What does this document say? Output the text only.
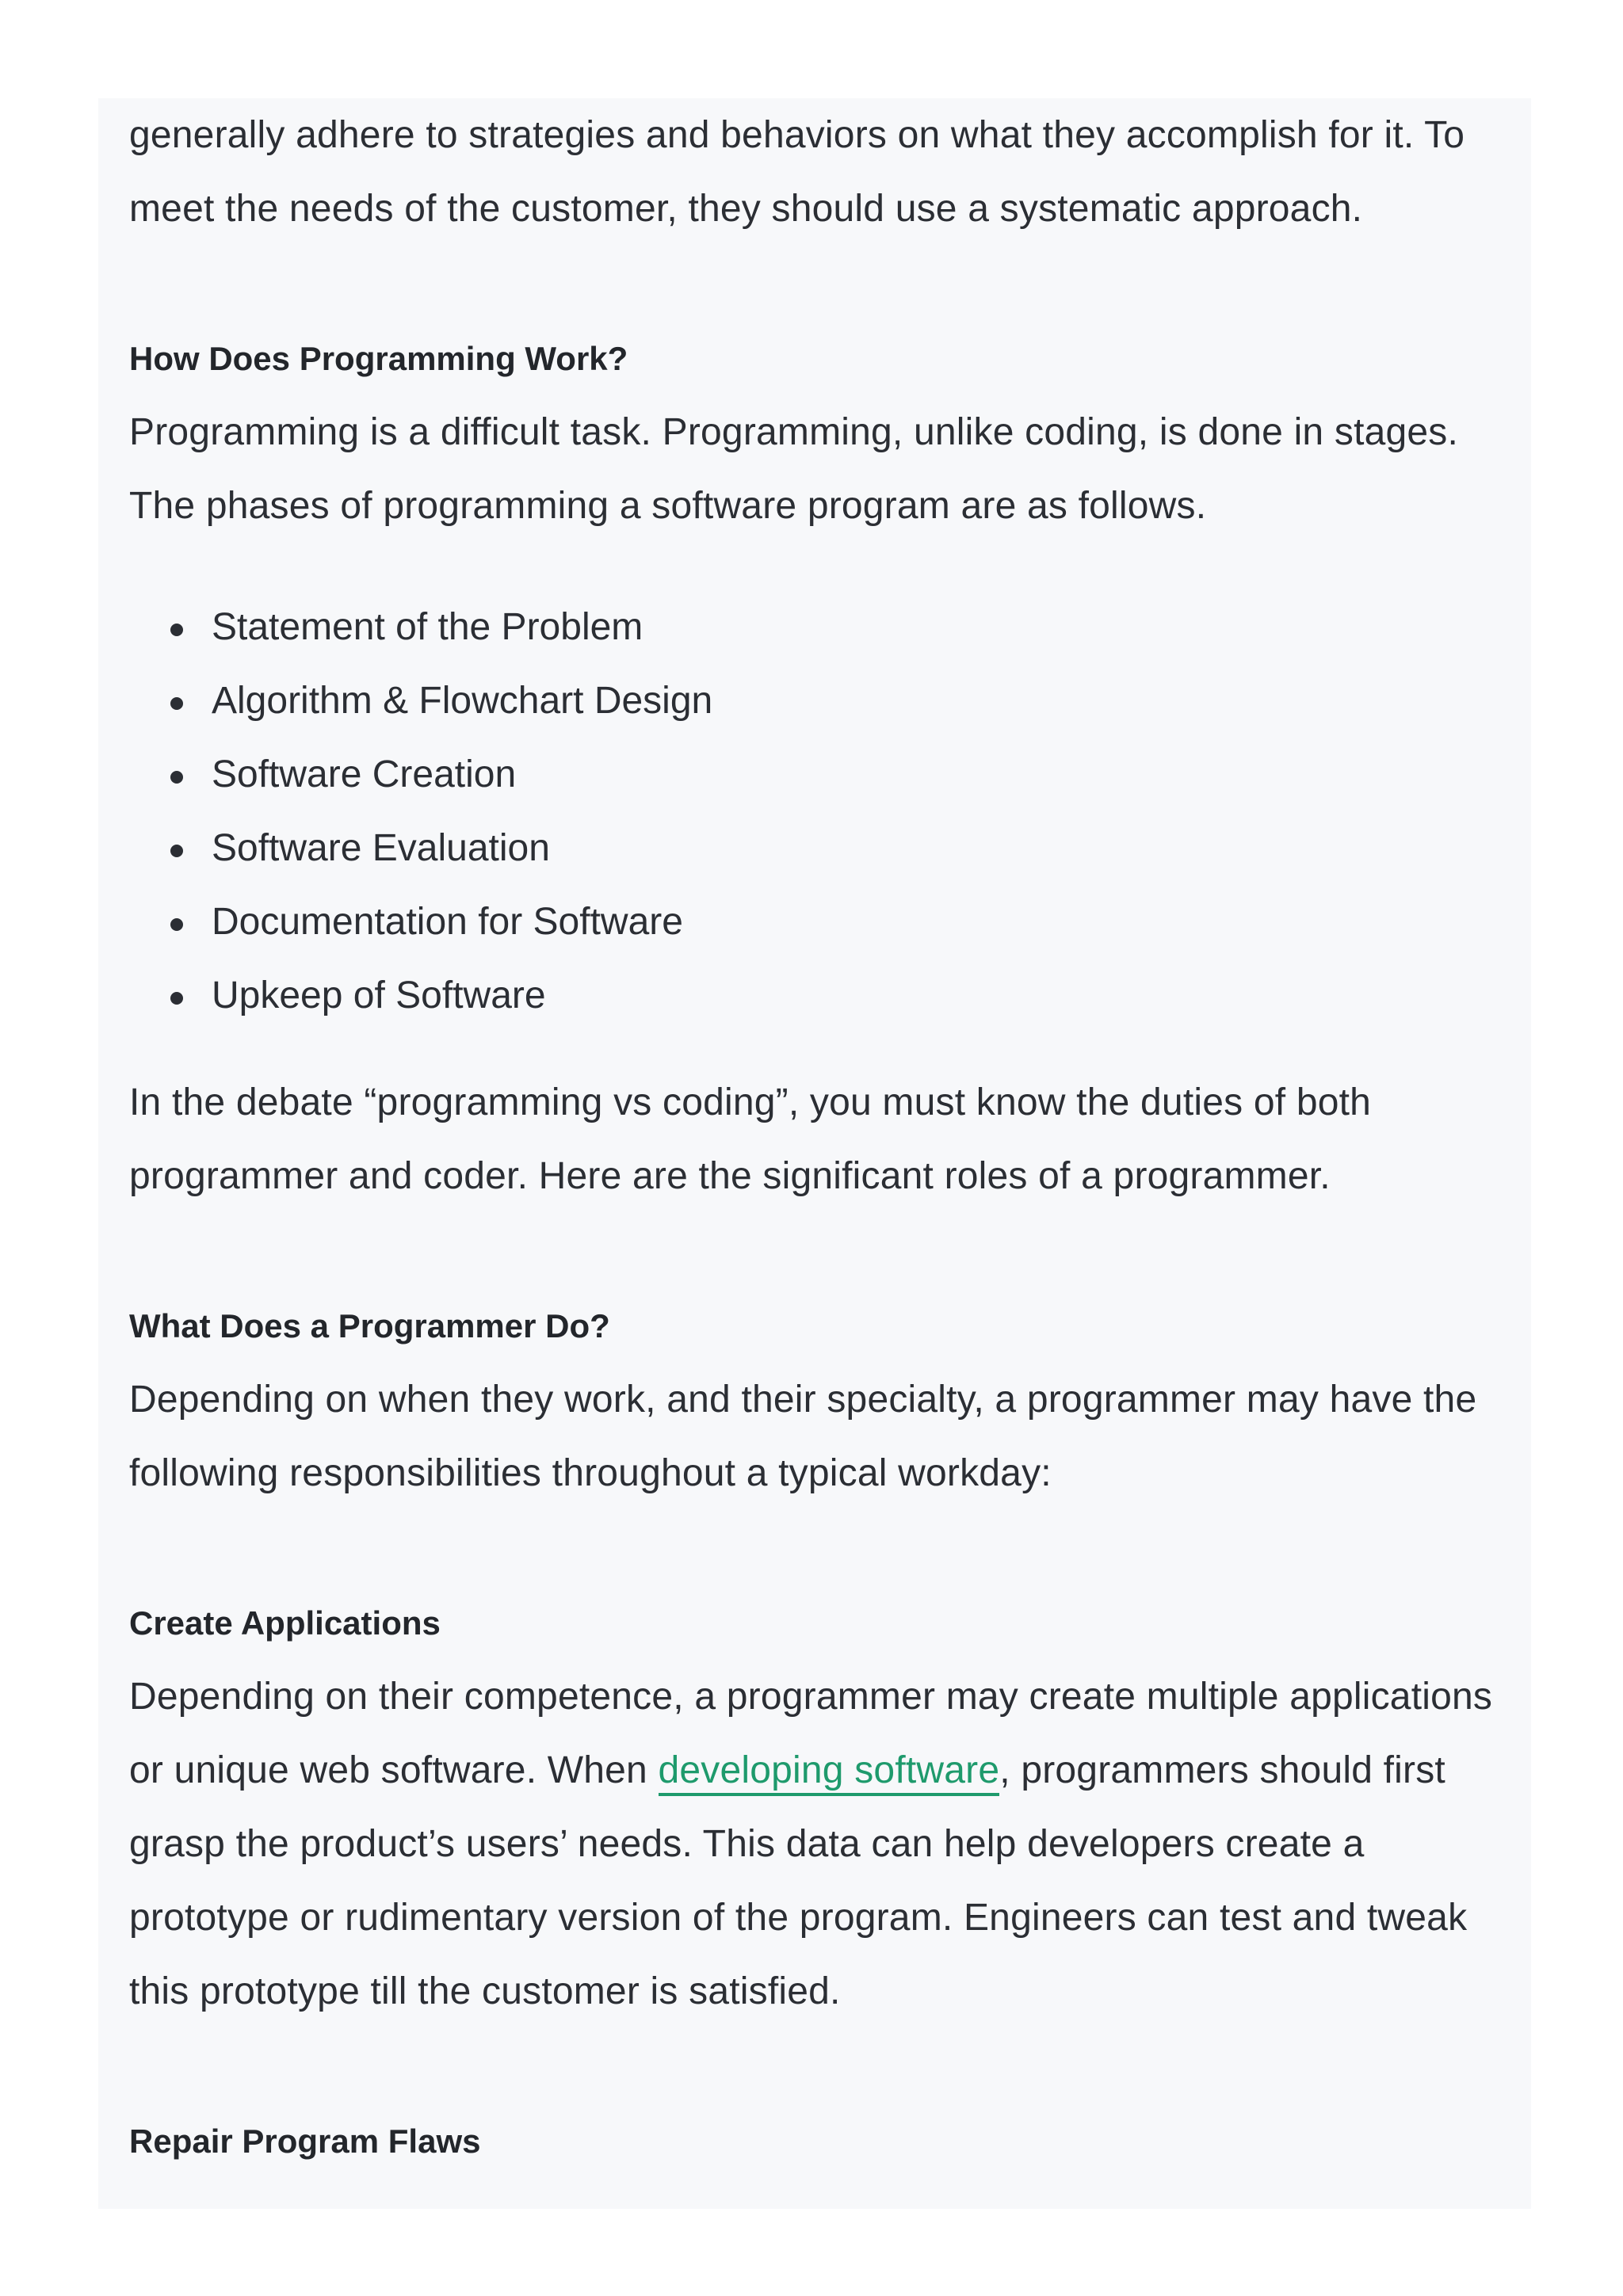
generally adhere to strategies and behaviors on what they accomplish for it. To

meet the needs of the customer, they should use a systematic approach.

How Does Programming Work?

Programming is a difficult task. Programming, unlike coding, is done in stages.

The phases of programming a software program are as follows.

Statement of the Problem
Algorithm & Flowchart Design
Software Creation
Software Evaluation
Documentation for Software
Upkeep of Software

In the debate “programming vs coding”, you must know the duties of both

programmer and coder. Here are the significant roles of a programmer.

What Does a Programmer Do?

Depending on when they work, and their specialty, a programmer may have the

following responsibilities throughout a typical workday:

Create Applications

Depending on their competence, a programmer may create multiple applications

or unique web software. When developing software, programmers should first

grasp the product’s users’ needs. This data can help developers create a

prototype or rudimentary version of the program. Engineers can test and tweak

this prototype till the customer is satisfied.

Repair Program Flaws
